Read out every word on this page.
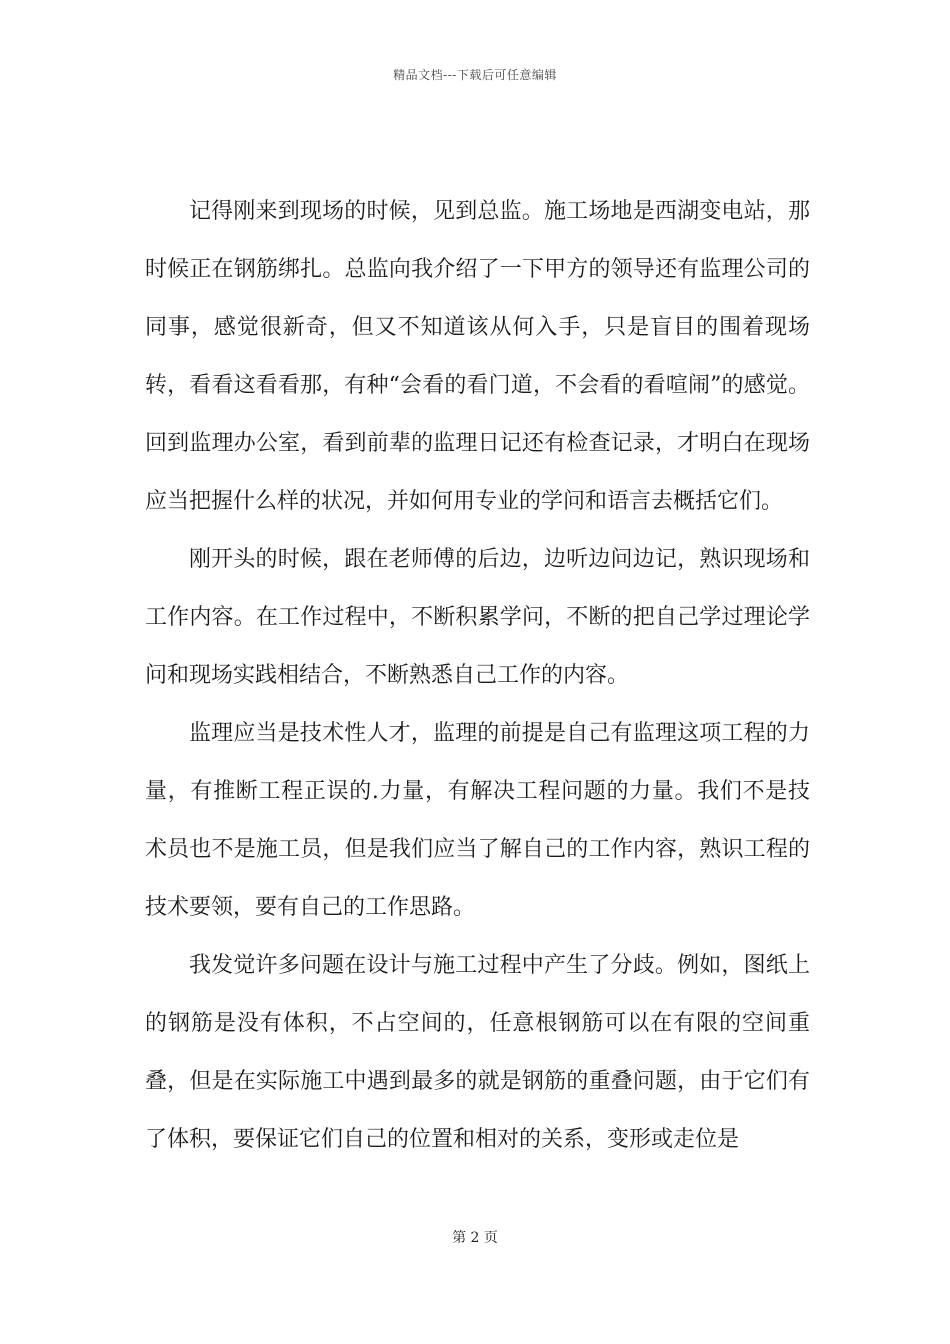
精品文档---下载后可任意编辑

记得刚来到现场的时候，见到总监。施工场地是西湖变电站，那时候正在钢筋绑扎。总监向我介绍了一下甲方的领导还有监理公司的同事，感觉很新奇，但又不知道该从何入手，只是盲目的围着现场转，看看这看看那，有种“会看的看门道，不会看的看喧闹”的感觉。回到监理办公室，看到前辈的监理日记还有检查记录，才明白在现场应当把握什么样的状况，并如何用专业的学问和语言去概括它们。

刚开头的时候，跟在老师傅的后边，边听边问边记，熟识现场和工作内容。在工作过程中，不断积累学问，不断的把自己学过理论学问和现场实践相结合，不断熟悉自己工作的内容。

监理应当是技术性人才，监理的前提是自己有监理这项工程的力量，有推断工程正误的.力量，有解决工程问题的力量。我们不是技术员也不是施工员，但是我们应当了解自己的工作内容，熟识工程的技术要领，要有自己的工作思路。

我发觉许多问题在设计与施工过程中产生了分歧。例如，图纸上的钢筋是没有体积，不占空间的，任意根钢筋可以在有限的空间重叠，但是在实际施工中遇到最多的就是钢筋的重叠问题，由于它们有了体积，要保证它们自己的位置和相对的关系，变形或走位是

第 2 页
